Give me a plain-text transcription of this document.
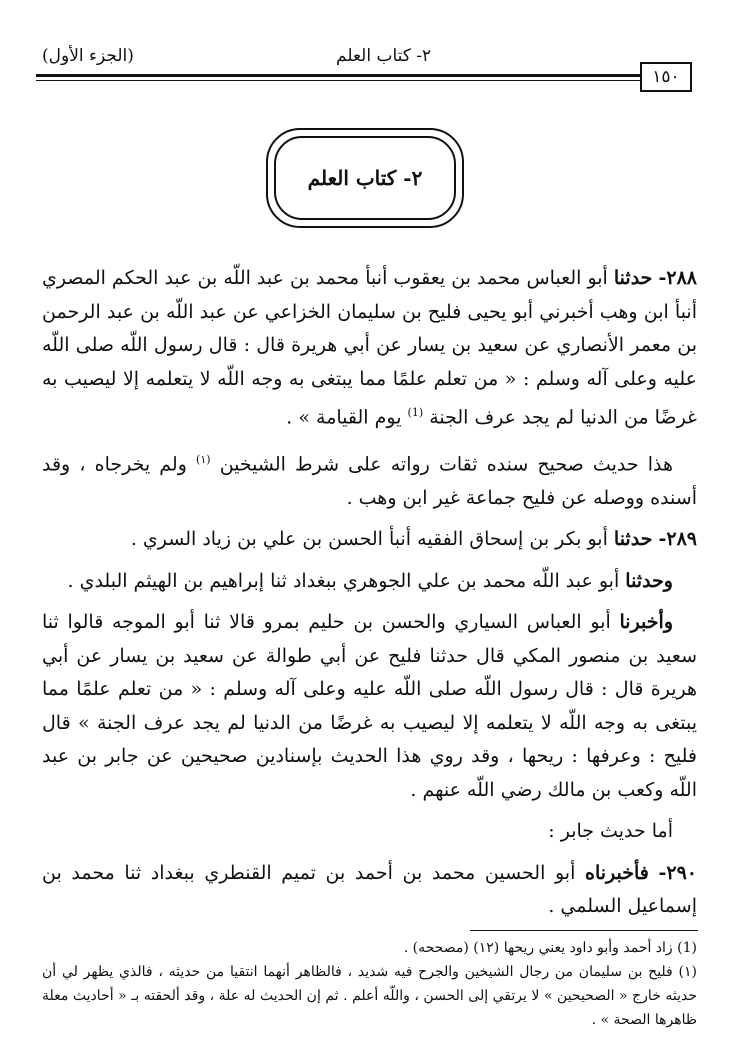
(الجزء الأول)	٢- كتاب العلم
١٥٠
٢- كتاب العلم

٢٨٨- حدثنا أبو العباس محمد بن يعقوب أنبأ محمد بن عبد اللّه بن عبد الحكم المصري أنبأ ابن وهب أخبرني أبو يحيى فليح بن سليمان الخزاعي عن عبد اللّه بن عبد الرحمن بن معمر الأنصاري عن سعيد بن يسار عن أبي هريرة قال : قال رسول اللّه صلى اللّه عليه وعلى آله وسلم : « من تعلم علمًا مما يبتغى به وجه اللّه لا يتعلمه إلا ليصيب به غرضًا من الدنيا لم يجد عرف الجنة $^{(1)}$ يوم القيامة » .

هذا حديث صحيح سنده ثقات رواته على شرط الشيخين $^{(١)}$ ولم يخرجاه ، وقد أسنده ووصله عن فليح جماعة غير ابن وهب .

٢٨٩- حدثنا أبو بكر بن إسحاق الفقيه أنبأ الحسن بن علي بن زياد السري .

وحدثنا أبو عبد اللّه محمد بن علي الجوهري ببغداد ثنا إبراهيم بن الهيثم البلدي .

وأخبرنا أبو العباس السياري والحسن بن حليم بمرو قالا ثنا أبو الموجه قالوا ثنا سعيد بن منصور المكي قال حدثنا فليح عن أبي طوالة عن سعيد بن يسار عن أبي هريرة قال : قال رسول اللّه صلى اللّه عليه وعلى آله وسلم : « من تعلم علمًا مما يبتغى به وجه اللّه لا يتعلمه إلا ليصيب به غرضًا من الدنيا لم يجد عرف الجنة » قال فليح : وعرفها : ريحها ، وقد روي هذا الحديث بإسنادين صحيحين عن جابر بن عبد اللّه وكعب بن مالك رضي اللّه عنهم .

أما حديث جابر :

٢٩٠- فأخبرناه أبو الحسين محمد بن أحمد بن تميم القنطري ببغداد ثنا محمد بن إسماعيل السلمي .

(1) زاد أحمد وأبو داود يعني ريحها (١٢) (مصححه) .

(١) فليح بن سليمان من رجال الشيخين والجرح فيه شديد ، فالظاهر أنهما انتقيا من حديثه ، فالذي يظهر لي أن حديثه خارج « الصحيحين » لا يرتقي إلى الحسن ، واللّه أعلم . ثم إن الحديث له علة ، وقد ألحقته بـ « أحاديث معلة ظاهرها الصحة » .
